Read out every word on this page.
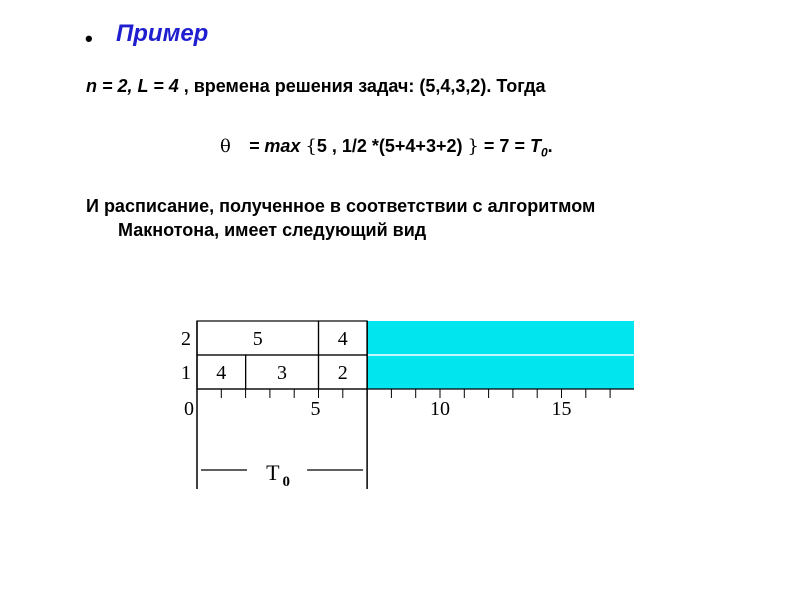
• Пример
n = 2, L = 4 , времена решения задач: (5,4,3,2). Тогда
θ = max {5 , 1/2 *(5+4+3+2) } = $7 = T_0$.
И расписание, полученное в соответствии с алгоритмом
Макнотона, имеет следующий вид
2	5	4
1 4	3	2
0	5	10	15
T $_0$
